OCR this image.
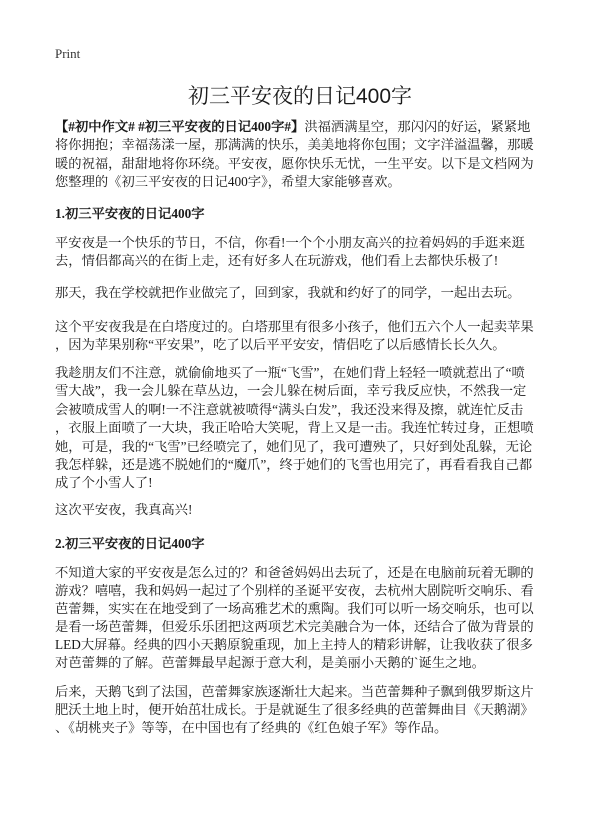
Print
初三平安夜的日记400字
【#初中作文# #初三平安夜的日记400字#】洪福洒满星空，那闪闪的好运，紧紧地
将你拥抱；幸福荡漾一屋，那满满的快乐，美美地将你包围；文字洋溢温馨，那暖
暖的祝福，甜甜地将你环绕。平安夜，愿你快乐无忧，一生平安。以下是文档网为
您整理的《初三平安夜的日记400字》，希望大家能够喜欢。
1.初三平安夜的日记400字
平安夜是一个快乐的节日，不信，你看!一个个小朋友高兴的拉着妈妈的手逛来逛
去，情侣都高兴的在街上走，还有好多人在玩游戏，他们看上去都快乐极了!
那天，我在学校就把作业做完了，回到家，我就和约好了的同学，一起出去玩。
这个平安夜我是在白塔度过的。白塔那里有很多小孩子，他们五六个人一起卖苹果
，因为苹果别称“平安果”，吃了以后平平安安，情侣吃了以后感情长长久久。
我趁朋友们不注意，就偷偷地买了一瓶“飞雪”，在她们背上轻轻一喷就惹出了“喷
雪大战”，我一会儿躲在草丛边，一会儿躲在树后面，幸亏我反应快，不然我一定
会被喷成雪人的啊!一不注意就被喷得“满头白发”，我还没来得及擦，就连忙反击
，衣服上面喷了一大块，我正哈哈大笑呢，背上又是一击。我连忙转过身，正想喷
她，可是，我的“飞雪”已经喷完了，她们见了，我可遭殃了，只好到处乱躲，无论
我怎样躲，还是逃不脱她们的“魔爪”，终于她们的飞雪也用完了，再看看我自己都
成了个小雪人了!
这次平安夜，我真高兴!
2.初三平安夜的日记400字
不知道大家的平安夜是怎么过的？和爸爸妈妈出去玩了，还是在电脑前玩着无聊的
游戏？嘻嘻，我和妈妈一起过了个别样的圣诞平安夜，去杭州大剧院听交响乐、看
芭蕾舞，实实在在地受到了一场高雅艺术的熏陶。我们可以听一场交响乐，也可以
是看一场芭蕾舞，但爱乐乐团把这两项艺术完美融合为一体，还结合了做为背景的
LED大屏幕。经典的四小天鹅原貌重现，加上主持人的精彩讲解，让我收获了很多
对芭蕾舞的了解。芭蕾舞最早起源于意大利，是美丽小天鹅的`诞生之地。
后来，天鹅飞到了法国，芭蕾舞家族逐渐壮大起来。当芭蕾舞种子飘到俄罗斯这片
肥沃土地上时，便开始茁壮成长。于是就诞生了很多经典的芭蕾舞曲目《天鹅湖》
、《胡桃夹子》等等，在中国也有了经典的《红色娘子军》等作品。
